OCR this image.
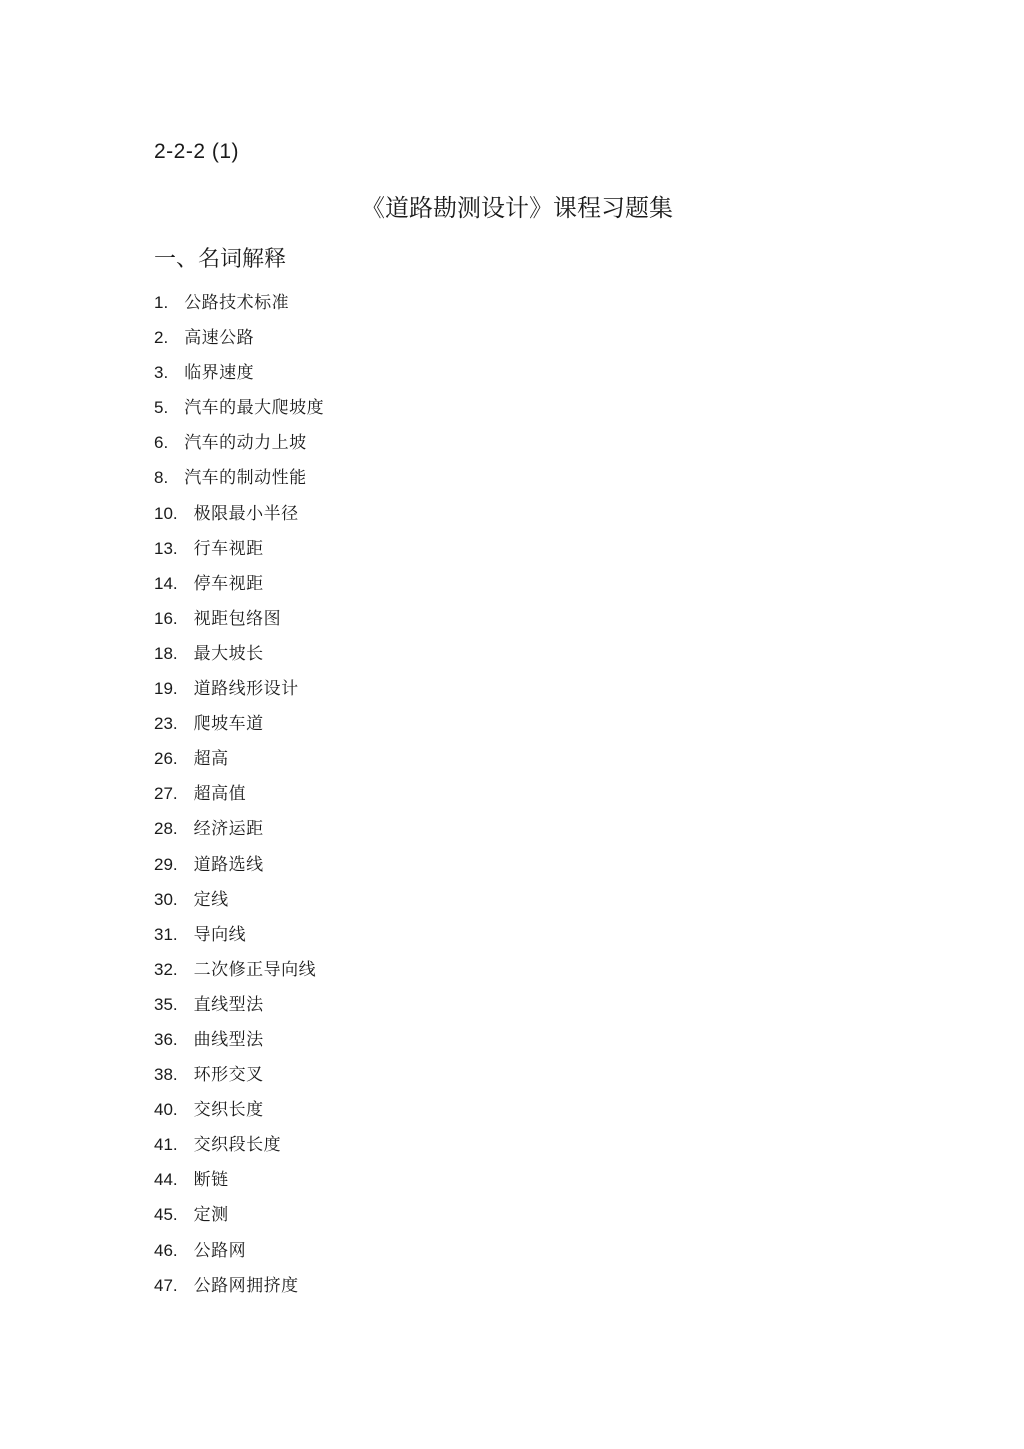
2-2-2 (1)
《道路勘测设计》课程习题集
一、名词解释
1. 公路技术标准
2. 高速公路
3. 临界速度
5. 汽车的最大爬坡度
6. 汽车的动力上坡
8. 汽车的制动性能
10. 极限最小半径
13. 行车视距
14. 停车视距
16. 视距包络图
18. 最大坡长
19. 道路线形设计
23. 爬坡车道
26. 超高
27. 超高值
28. 经济运距
29. 道路选线
30. 定线
31. 导向线
32. 二次修正导向线
35. 直线型法
36. 曲线型法
38. 环形交叉
40. 交织长度
41. 交织段长度
44. 断链
45. 定测
46. 公路网
47. 公路网拥挤度
